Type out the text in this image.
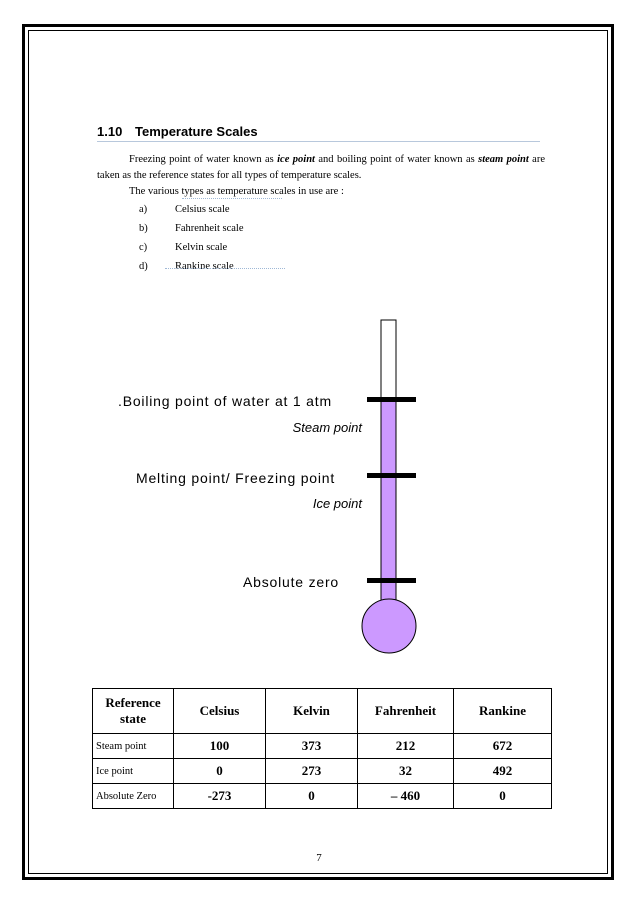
1.10 Temperature Scales
Freezing point of water known as ice point and boiling point of water known as steam point are taken as the reference states for all types of temperature scales.
The various types as temperature scales in use are :
a)	Celsius scale
b)	Fahrenheit scale
c)	Kelvin scale
d)	Rankine scale
.Boiling point of water at 1 atm
Steam point
Melting point/ Freezing point
Ice point
Absolute zero
Reference state	Celsius	Kelvin	Fahrenheit	Rankine
Steam point	100	373	212	672
Ice point	0	273	32	492
Absolute Zero	-273	0	– 460	0
7
